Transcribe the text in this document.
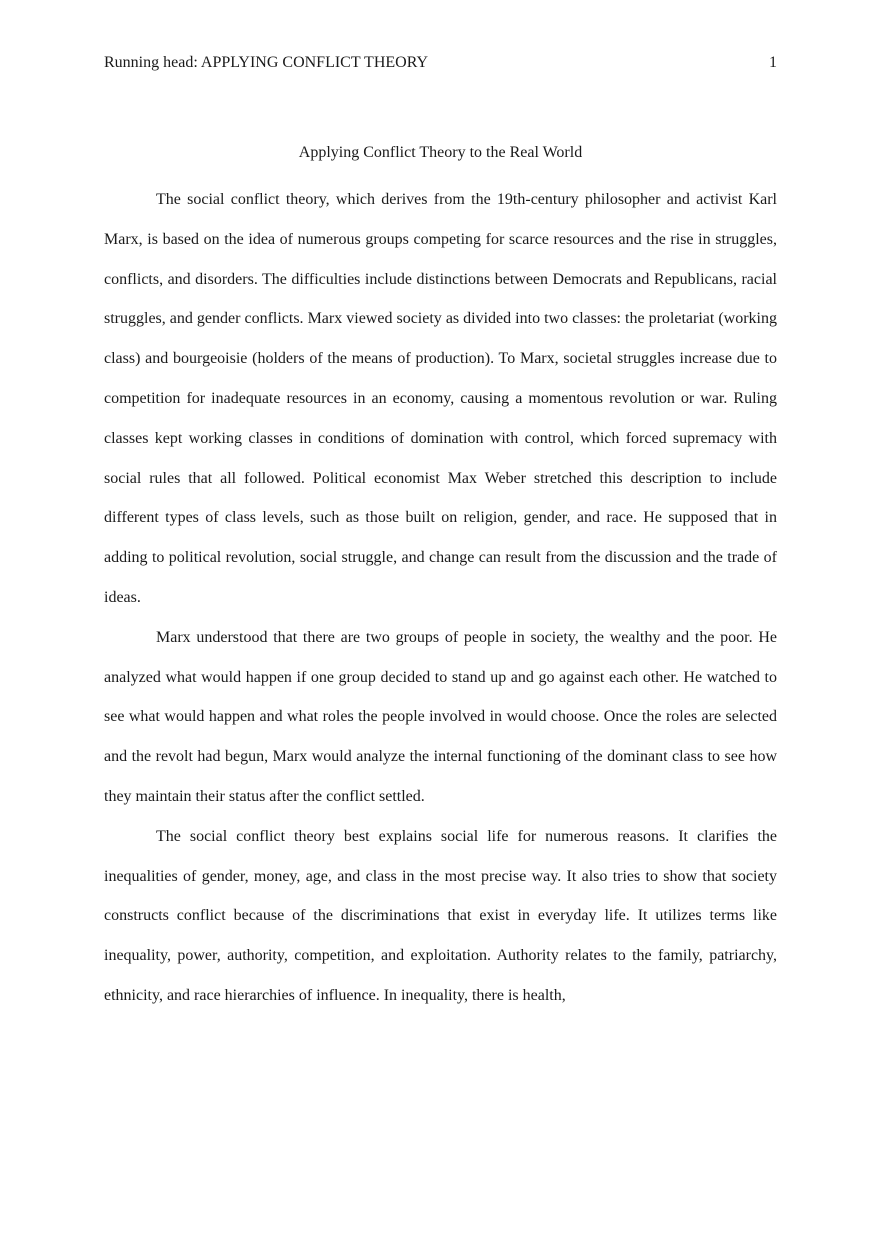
Running head: APPLYING CONFLICT THEORY	1
Applying Conflict Theory to the Real World

The social conflict theory, which derives from the 19th-century philosopher and activist Karl Marx, is based on the idea of numerous groups competing for scarce resources and the rise in struggles, conflicts, and disorders. The difficulties include distinctions between Democrats and Republicans, racial struggles, and gender conflicts. Marx viewed society as divided into two classes: the proletariat (working class) and bourgeoisie (holders of the means of production). To Marx, societal struggles increase due to competition for inadequate resources in an economy, causing a momentous revolution or war. Ruling classes kept working classes in conditions of domination with control, which forced supremacy with social rules that all followed. Political economist Max Weber stretched this description to include different types of class levels, such as those built on religion, gender, and race. He supposed that in adding to political revolution, social struggle, and change can result from the discussion and the trade of ideas.

Marx understood that there are two groups of people in society, the wealthy and the poor. He analyzed what would happen if one group decided to stand up and go against each other. He watched to see what would happen and what roles the people involved in would choose. Once the roles are selected and the revolt had begun, Marx would analyze the internal functioning of the dominant class to see how they maintain their status after the conflict settled.

The social conflict theory best explains social life for numerous reasons. It clarifies the inequalities of gender, money, age, and class in the most precise way. It also tries to show that society constructs conflict because of the discriminations that exist in everyday life. It utilizes terms like inequality, power, authority, competition, and exploitation. Authority relates to the family, patriarchy, ethnicity, and race hierarchies of influence. In inequality, there is health,
